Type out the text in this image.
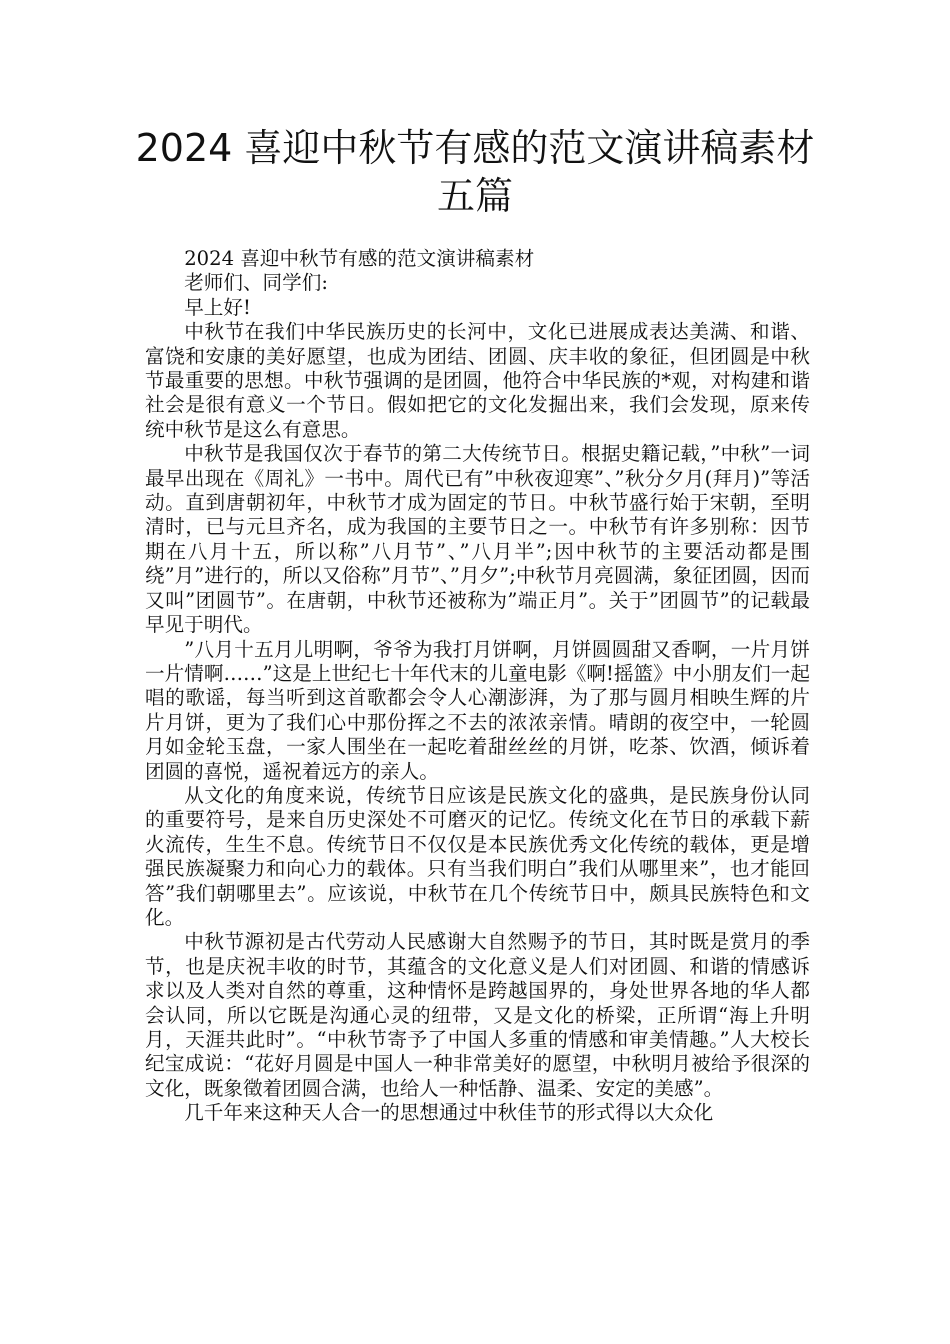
2024 喜迎中秋节有感的范文演讲稿素材
五篇

2024 喜迎中秋节有感的范文演讲稿素材

老师们、同学们:

早上好!

中秋节在我们中华民族历史的长河中，文化已进展成表达美满、和谐、富饶和安康的美好愿望，也成为团结、团圆、庆丰收的象征，但团圆是中秋节最重要的思想。中秋节强调的是团圆，他符合中华民族的*观，对构建和谐社会是很有意义一个节日。假如把它的文化发掘出来，我们会发现，原来传统中秋节是这么有意思。

中秋节是我国仅次于春节的第二大传统节日。根据史籍记载，”中秋”一词最早出现在《周礼》一书中。周代已有”中秋夜迎寒”、”秋分夕月(拜月)”等活动。直到唐朝初年，中秋节才成为固定的节日。中秋节盛行始于宋朝，至明清时，已与元旦齐名，成为我国的主要节日之一。中秋节有许多别称：因节期在八月十五，所以称”八月节”、”八月半”;因中秋节的主要活动都是围绕”月”进行的，所以又俗称”月节”、”月夕”;中秋节月亮圆满，象征团圆，因而又叫”团圆节”。在唐朝，中秋节还被称为”端正月”。关于”团圆节”的记载最早见于明代。

”八月十五月儿明啊，爷爷为我打月饼啊，月饼圆圆甜又香啊，一片月饼一片情啊……”这是上世纪七十年代末的儿童电影《啊!摇篮》中小朋友们一起唱的歌谣，每当听到这首歌都会令人心潮澎湃，为了那与圆月相映生辉的片片月饼，更为了我们心中那份挥之不去的浓浓亲情。晴朗的夜空中，一轮圆月如金轮玉盘，一家人围坐在一起吃着甜丝丝的月饼，吃茶、饮酒，倾诉着团圆的喜悦，遥祝着远方的亲人。

从文化的角度来说，传统节日应该是民族文化的盛典，是民族身份认同的重要符号，是来自历史深处不可磨灭的记忆。传统文化在节日的承载下薪火流传，生生不息。传统节日不仅仅是本民族优秀文化传统的载体，更是增强民族凝聚力和向心力的载体。只有当我们明白”我们从哪里来”，也才能回答”我们朝哪里去”。应该说，中秋节在几个传统节日中，颇具民族特色和文化。

中秋节源初是古代劳动人民感谢大自然赐予的节日，其时既是赏月的季节，也是庆祝丰收的时节，其蕴含的文化意义是人们对团圆、和谐的情感诉求以及人类对自然的尊重，这种情怀是跨越国界的，身处世界各地的华人都会认同，所以它既是沟通心灵的纽带，又是文化的桥梁，正所谓“海上升明月，天涯共此时”。“中秋节寄予了中国人多重的情感和审美情趣。”人大校长纪宝成说：“花好月圆是中国人一种非常美好的愿望，中秋明月被给予很深的文化，既象徵着团圆合满，也给人一种恬静、温柔、安定的美感”。

几千年来这种天人合一的思想通过中秋佳节的形式得以大众化
